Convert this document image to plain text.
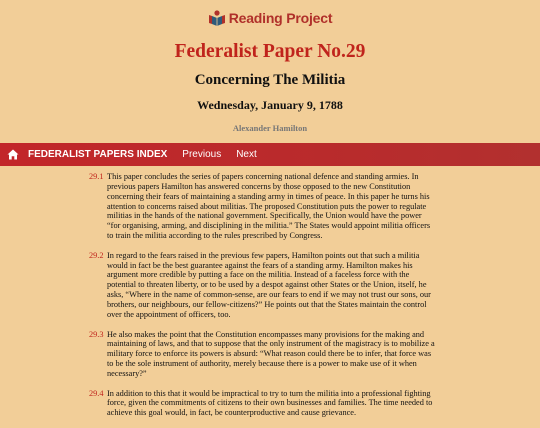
Reading Project
Federalist Paper No.29
Concerning The Militia
Wednesday, January 9, 1788
Alexander Hamilton
FEDERALIST PAPERS INDEX Previous Next
29.1 This paper concludes the series of papers concerning national defence and standing armies. In previous papers Hamilton has answered concerns by those opposed to the new Constitution concerning their fears of maintaining a standing army in times of peace. In this paper he turns his attention to concerns raised about militias. The proposed Constitution puts the power to regulate militias in the hands of the national government. Specifically, the Union would have the power “for organising, arming, and disciplining in the militia.” The States would appoint militia officers to train the militia according to the rules prescribed by Congress.
29.2 In regard to the fears raised in the previous few papers, Hamilton points out that such a militia would in fact be the best guarantee against the fears of a standing army. Hamilton makes his argument more credible by putting a face on the militia. Instead of a faceless force with the potential to threaten liberty, or to be used by a despot against other States or the Union, itself, he asks, “Where in the name of common-sense, are our fears to end if we may not trust our sons, our brothers, our neighbours, our fellow-citizens?” He points out that the States maintain the control over the appointment of officers, too.
29.3 He also makes the point that the Constitution encompasses many provisions for the making and maintaining of laws, and that to suppose that the only instrument of the magistracy is to mobilize a military force to enforce its powers is absurd: “What reason could there be to infer, that force was to be the sole instrument of authority, merely because there is a power to make use of it when necessary?”
29.4 In addition to this that it would be impractical to try to turn the militia into a professional fighting force, given the commitments of citizens to their own businesses and families. The time needed to achieve this goal would, in fact, be counterproductive and cause grievance.
